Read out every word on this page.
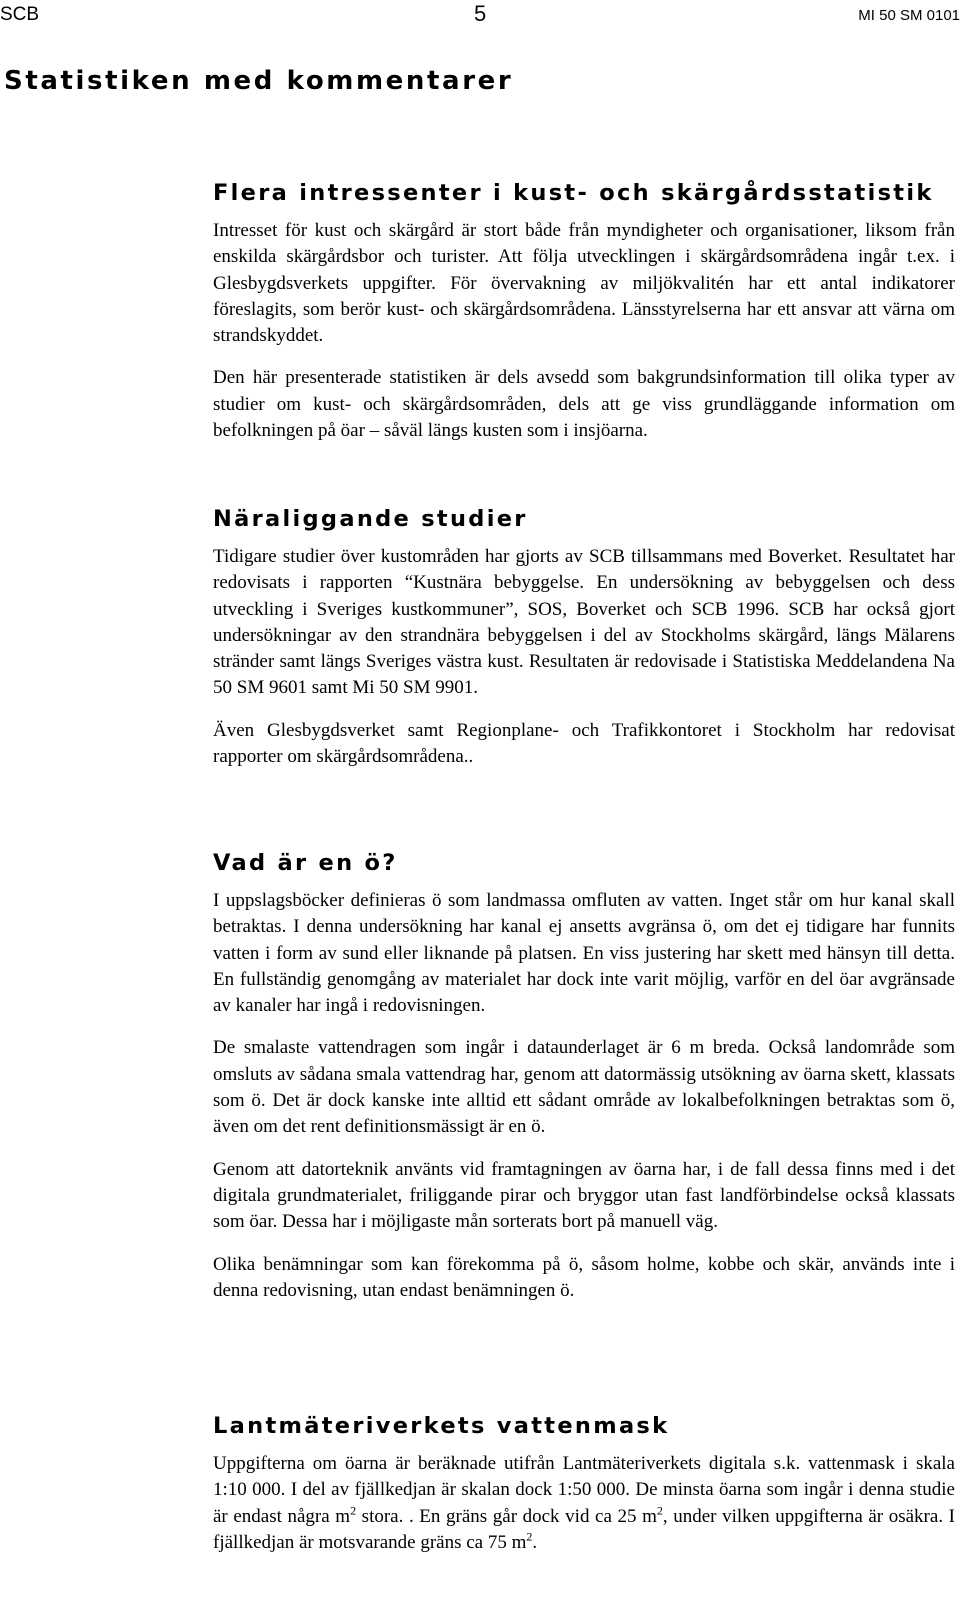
SCB	5	MI 50 SM 0101
Statistiken med kommentarer
Flera intressenter i kust- och skärgårdsstatistik

Intresset för kust och skärgård är stort både från myndigheter och organisationer, liksom från enskilda skärgårdsbor och turister. Att följa utvecklingen i skärgårdsområdena ingår t.ex. i Glesbygdsverkets uppgifter. För övervakning av miljökvalitén har ett antal indikatorer föreslagits, som berör kust- och skärgårdsområdena. Länsstyrelserna har ett ansvar att värna om strandskyddet.

Den här presenterade statistiken är dels avsedd som bakgrundsinformation till olika typer av studier om kust- och skärgårdsområden, dels att ge viss grundläggande information om befolkningen på öar – såväl längs kusten som i insjöarna.

Näraliggande studier

Tidigare studier över kustområden har gjorts av SCB tillsammans med Boverket. Resultatet har redovisats i rapporten “Kustnära bebyggelse. En undersökning av bebyggelsen och dess utveckling i Sveriges kustkommuner”, SOS, Boverket och SCB 1996. SCB har också gjort undersökningar av den strandnära bebyggelsen i del av Stockholms skärgård, längs Mälarens stränder samt längs Sveriges västra kust. Resultaten är redovisade i Statistiska Meddelandena Na 50 SM 9601 samt Mi 50 SM 9901.

Även Glesbygdsverket samt Regionplane- och Trafikkontoret i Stockholm har redovisat rapporter om skärgårdsområdena..

Vad är en ö?

I uppslagsböcker definieras ö som landmassa omfluten av vatten. Inget står om hur kanal skall betraktas. I denna undersökning har kanal ej ansetts avgränsa ö, om det ej tidigare har funnits vatten i form av sund eller liknande på platsen. En viss justering har skett med hänsyn till detta. En fullständig genomgång av materialet har dock inte varit möjlig, varför en del öar avgränsade av kanaler har ingå i redovisningen.

De smalaste vattendragen som ingår i dataunderlaget är 6 m breda. Också landområde som omsluts av sådana smala vattendrag har, genom att datormässig utsökning av öarna skett, klassats som ö. Det är dock kanske inte alltid ett sådant område av lokalbefolkningen betraktas som ö, även om det rent definitionsmässigt är en ö.

Genom att datorteknik använts vid framtagningen av öarna har, i de fall dessa finns med i det digitala grundmaterialet, friliggande pirar och bryggor utan fast landförbindelse också klassats som öar. Dessa har i möjligaste mån sorterats bort på manuell väg.

Olika benämningar som kan förekomma på ö, såsom holme, kobbe och skär, används inte i denna redovisning, utan endast benämningen ö.

Lantmäteriverkets vattenmask

Uppgifterna om öarna är beräknade utifrån Lantmäteriverkets digitala s.k. vattenmask i skala 1:10 000. I del av fjällkedjan är skalan dock 1:50 000. De minsta öarna som ingår i denna studie är endast några $m^2$ stora. . En gräns går dock vid ca 25 $m^2$, under vilken uppgifterna är osäkra. I fjällkedjan är motsvarande gräns ca 75 $m^2$.
